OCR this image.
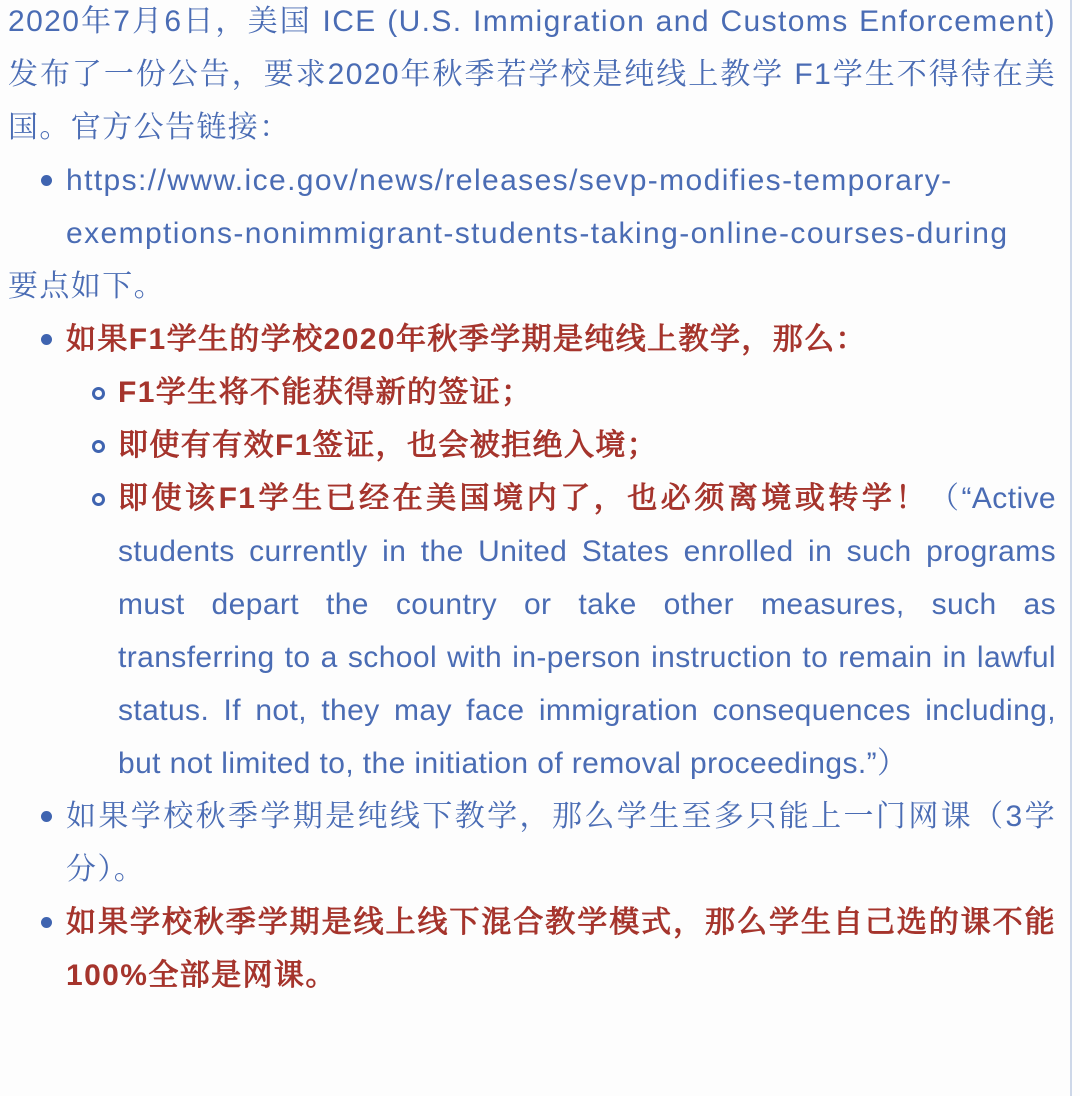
2020年7月6日，美国 ICE (U.S. Immigration and Customs Enforcement) 发布了一份公告，要求2020年秋季若学校是纯线上教学 F1学生不得待在美国。官方公告链接：

https://www.ice.gov/news/releases/sevp-modifies-temporary-exemptions-nonimmigrant-students-taking-online-courses-during

要点如下。

如果F1学生的学校2020年秋季学期是纯线上教学，那么：
F1学生将不能获得新的签证；
即使有有效F1签证，也会被拒绝入境；
即使该F1学生已经在美国境内了，也必须离境或转学！（“Active students currently in the United States enrolled in such programs must depart the country or take other measures, such as transferring to a school with in-person instruction to remain in lawful status. If not, they may face immigration consequences including, but not limited to, the initiation of removal proceedings.”）
如果学校秋季学期是纯线下教学，那么学生至多只能上一门网课（3学分）。
如果学校秋季学期是线上线下混合教学模式，那么学生自己选的课不能100%全部是网课。
